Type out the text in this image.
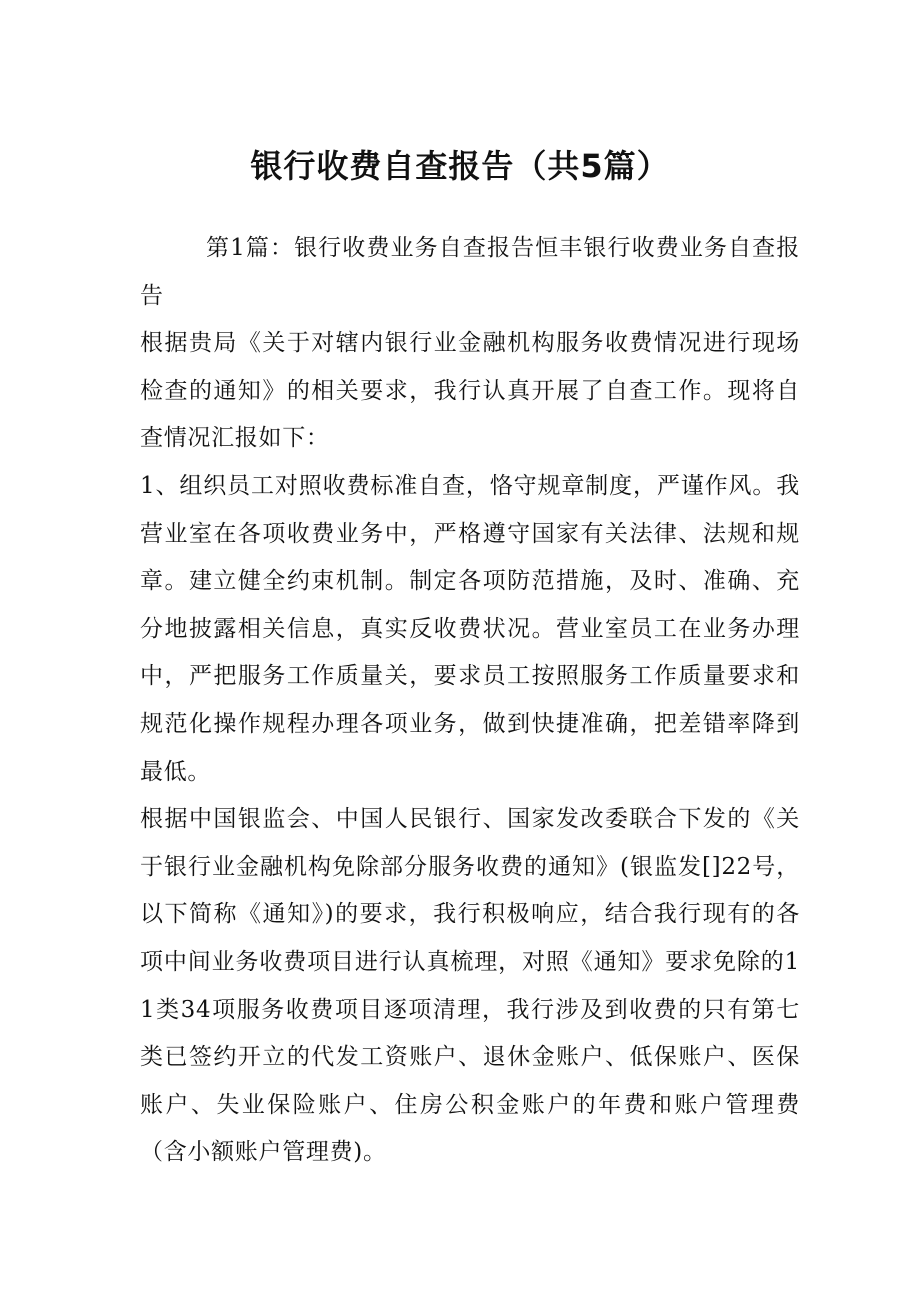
银行收费自查报告（共5篇）

第1篇：银行收费业务自查报告恒丰银行收费业务自查报告

根据贵局《关于对辖内银行业金融机构服务收费情况进行现场检查的通知》的相关要求，我行认真开展了自查工作。现将自查情况汇报如下：

1、组织员工对照收费标准自查，恪守规章制度，严谨作风。我营业室在各项收费业务中，严格遵守国家有关法律、法规和规章。建立健全约束机制。制定各项防范措施，及时、准确、充分地披露相关信息，真实反收费状况。营业室员工在业务办理中，严把服务工作质量关，要求员工按照服务工作质量要求和规范化操作规程办理各项业务，做到快捷准确，把差错率降到最低。

根据中国银监会、中国人民银行、国家发改委联合下发的《关于银行业金融机构免除部分服务收费的通知》(银监发[]22号，以下简称《通知》)的要求，我行积极响应，结合我行现有的各项中间业务收费项目进行认真梳理，对照《通知》要求免除的11类34项服务收费项目逐项清理，我行涉及到收费的只有第七类已签约开立的代发工资账户、退休金账户、低保账户、医保账户、失业保险账户、住房公积金账户的年费和账户管理费（含小额账户管理费)。
